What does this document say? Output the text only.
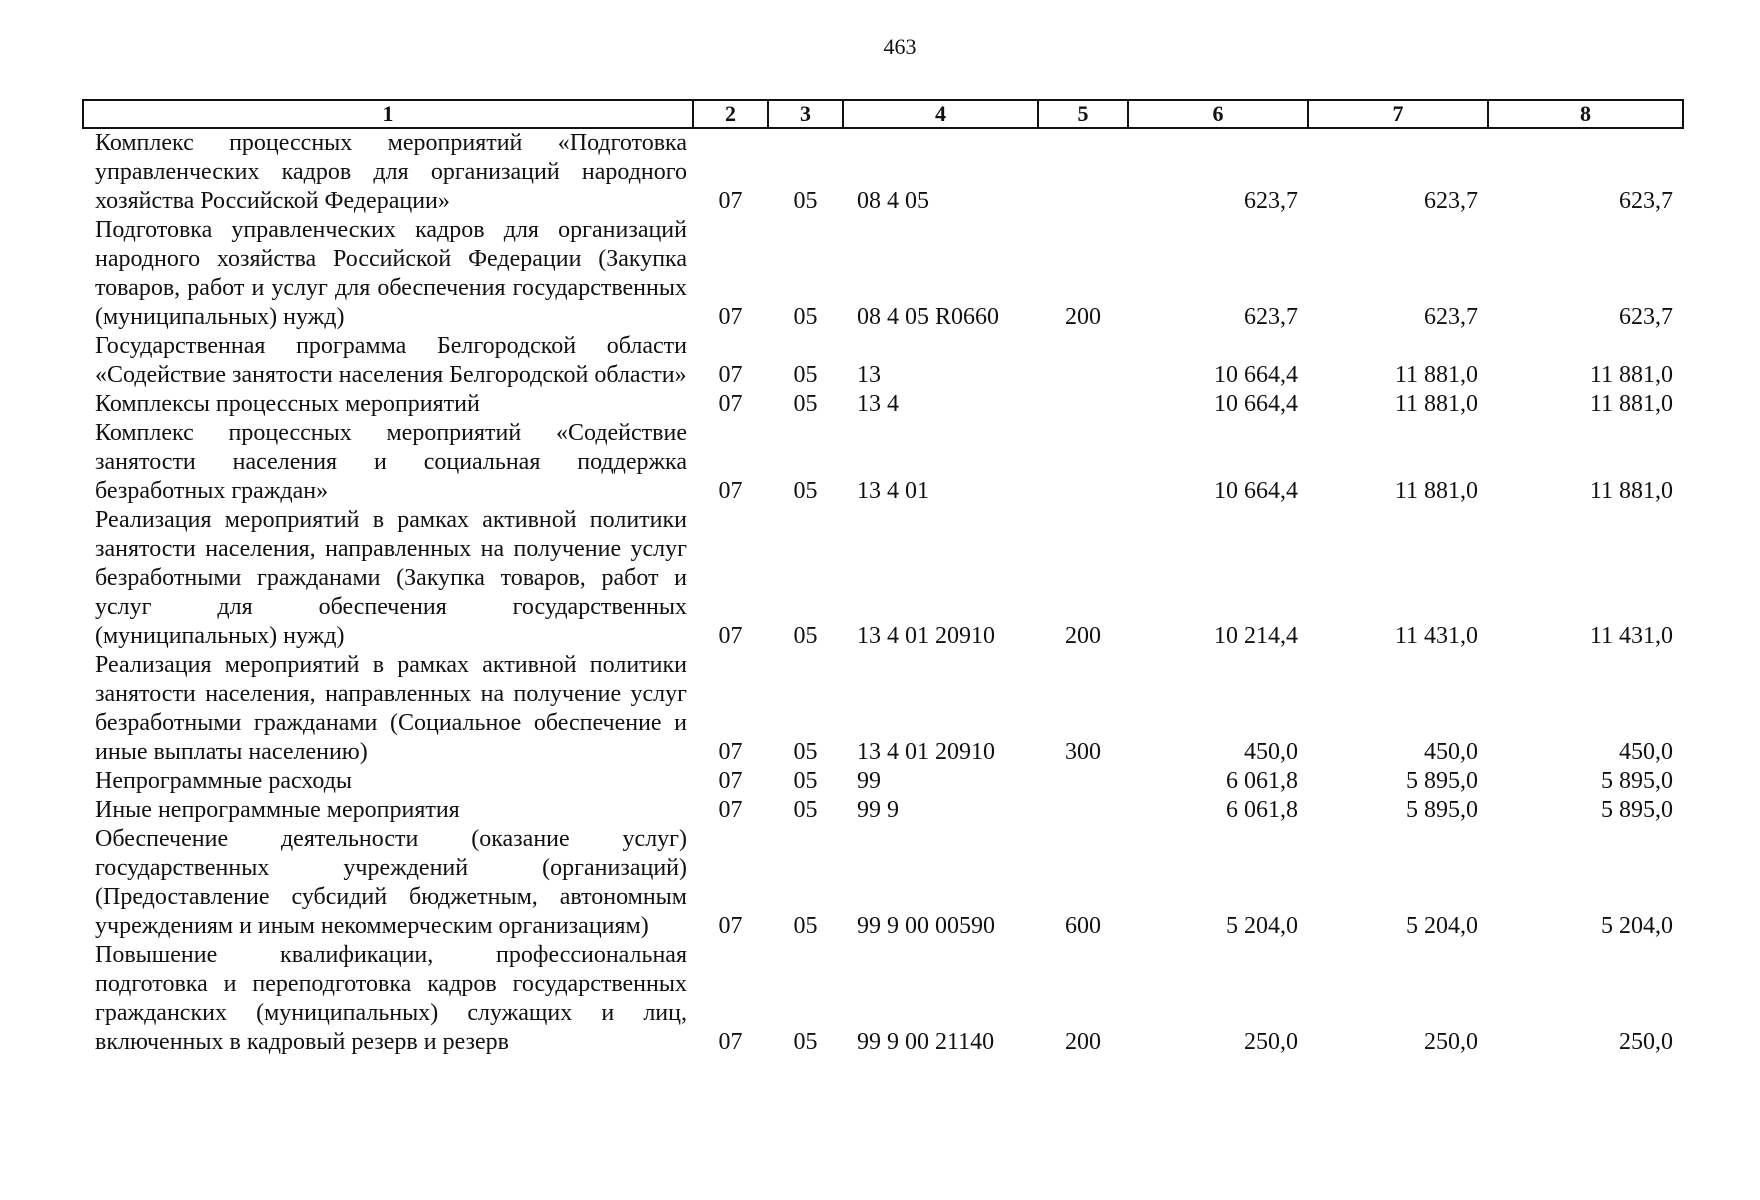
463
1	2	3	4	5	6	7	8
Комплекс процессных мероприятий «Подготовка управленческих кадров для организаций народного хозяйства Российской Федерации»	07	05	08 4 05		623,7	623,7	623,7
Подготовка управленческих кадров для организаций народного хозяйства Российской Федерации (Закупка товаров, работ и услуг для обеспечения государственных (муниципальных) нужд)	07	05	08 4 05 R0660	200	623,7	623,7	623,7
Государственная программа Белгородской области «Содействие занятости населения Белгородской области»	07	05	13		10 664,4	11 881,0	11 881,0
Комплексы процессных мероприятий	07	05	13 4		10 664,4	11 881,0	11 881,0
Комплекс процессных мероприятий «Содействие занятости населения и социальная поддержка безработных граждан»	07	05	13 4 01		10 664,4	11 881,0	11 881,0
Реализация мероприятий в рамках активной политики занятости населения, направленных на получение услуг безработными гражданами (Закупка товаров, работ и услуг для обеспечения государственных (муниципальных) нужд)	07	05	13 4 01 20910	200	10 214,4	11 431,0	11 431,0
Реализация мероприятий в рамках активной политики занятости населения, направленных на получение услуг безработными гражданами (Социальное обеспечение и иные выплаты населению)	07	05	13 4 01 20910	300	450,0	450,0	450,0
Непрограммные расходы	07	05	99		6 061,8	5 895,0	5 895,0
Иные непрограммные мероприятия	07	05	99 9		6 061,8	5 895,0	5 895,0
Обеспечение деятельности (оказание услуг) государственных учреждений (организаций) (Предоставление субсидий бюджетным, автономным учреждениям и иным некоммерческим организациям)	07	05	99 9 00 00590	600	5 204,0	5 204,0	5 204,0
Повышение квалификации, профессиональная подготовка и переподготовка кадров государственных гражданских (муниципальных) служащих и лиц, включенных в кадровый резерв и резерв	07	05	99 9 00 21140	200	250,0	250,0	250,0
